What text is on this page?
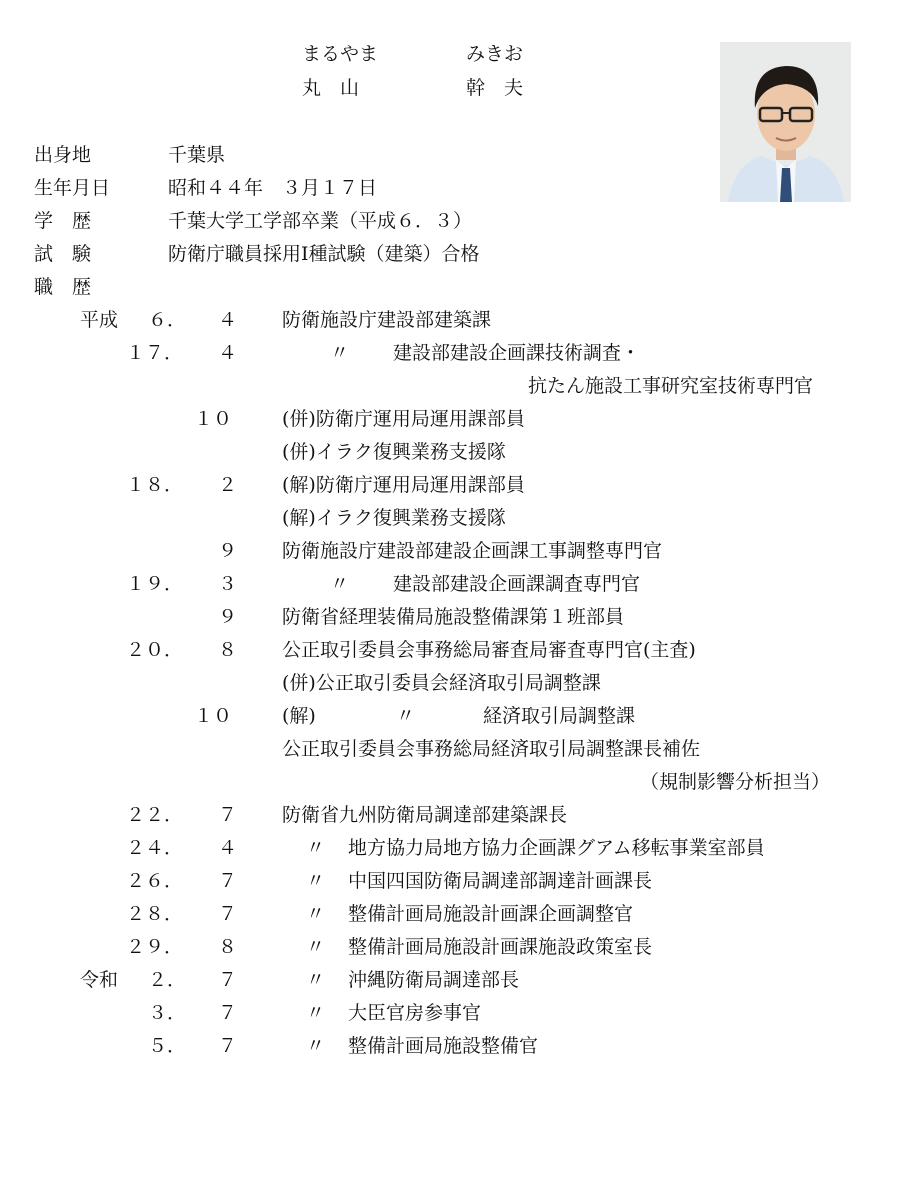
まるやま	みきお
丸　山	幹　夫
出身地	千葉県
生年月日	昭和４４年　３月１７日
学　歴	千葉大学工学部卒業（平成６．３）
試　験	防衛庁職員採用Ⅰ種試験（建築）合格
職　歴
平成 ６． ４ 防衛施設庁建設部建築課
１７． ４	〃 建設部建設企画課技術調査・
抗たん施設工事研究室技術専門官
１０	(併)防衛庁運用局運用課部員
(併)イラク復興業務支援隊
１８． ２ (解)防衛庁運用局運用課部員
(解)イラク復興業務支援隊
９ 防衛施設庁建設部建設企画課工事調整専門官
１９． ３	〃 建設部建設企画課調査専門官
９ 防衛省経理装備局施設整備課第１班部員
２０． ８ 公正取引委員会事務総局審査局審査専門官(主査)
(併)公正取引委員会経済取引局調整課
１０	(解)	〃	経済取引局調整課
公正取引委員会事務総局経済取引局調整課長補佐
（規制影響分析担当）
２２． ７ 防衛省九州防衛局調達部建築課長
２４． ４	〃 地方協力局地方協力企画課グアム移転事業室部員
２６． ７	〃 中国四国防衛局調達部調達計画課長
２８． ７	〃 整備計画局施設計画課企画調整官
２９． ８	〃 整備計画局施設計画課施設政策室長
令和 ２． ７	〃 沖縄防衛局調達部長
３． ７	〃 大臣官房参事官
５． ７	〃 整備計画局施設整備官
